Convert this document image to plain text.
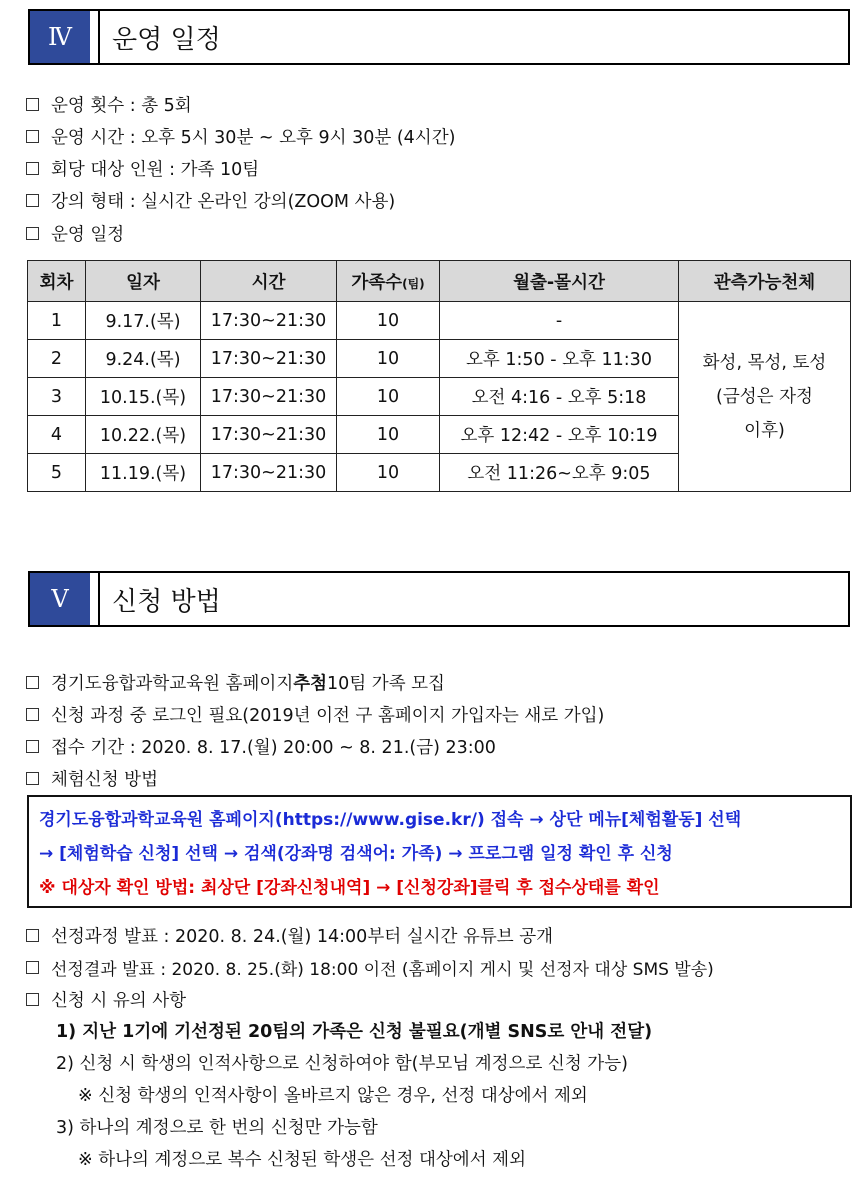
Ⅳ	운영 일정
운영 횟수 : 총 5회
운영 시간 : 오후 5시 30분 ~ 오후 9시 30분 (4시간)
회당 대상 인원 : 가족 10팀
강의 형태 : 실시간 온라인 강의(ZOOM 사용)
운영 일정
회차	일자	시간	가족수(팀)	월출-몰시간	관측가능천체
1	9.17.(목)	17:30~21:30	10	-	화성, 목성, 토성
(금성은 자정
이후)

2	9.24.(목)	17:30~21:30	10	오후 1:50 - 오후 11:30	
3	10.15.(목)	17:30~21:30	10	오전 4:16 - 오후 5:18	
4	10.22.(목)	17:30~21:30	10	오후 12:42 - 오후 10:19	
5	11.19.(목)	17:30~21:30	10	오전 11:26~오후 9:05	
V	신청 방법
경기도융합과학교육원 홈페이지 추첨 10팀 가족 모집
신청 과정 중 로그인 필요(2019년 이전 구 홈페이지 가입자는 새로 가입)
접수 기간 : 2020. 8. 17.(월) 20:00 ~ 8. 21.(금) 23:00
체험신청 방법
경기도융합과학교육원 홈페이지(https://www.gise.kr/) 접속 → 상단 메뉴[체험활동] 선택
→ [체험학습 신청] 선택 → 검색(강좌명 검색어: 가족) → 프로그램 일정 확인 후 신청
※ 대상자 확인 방법: 최상단 [강좌신청내역] → [신청강좌]클릭 후 접수상태를 확인
선정과정 발표 : 2020. 8. 24.(월) 14:00부터 실시간 유튜브 공개
선정결과 발표 : 2020. 8. 25.(화) 18:00 이전 (홈페이지 게시 및 선정자 대상 SMS 발송)
신청 시 유의 사항
1) 지난 1기에 기선정된 20팀의 가족은 신청 불필요(개별 SNS로 안내 전달)
2) 신청 시 학생의 인적사항으로 신청하여야 함(부모님 계정으로 신청 가능)
※ 신청 학생의 인적사항이 올바르지 않은 경우, 선정 대상에서 제외
3) 하나의 계정으로 한 번의 신청만 가능함
※ 하나의 계정으로 복수 신청된 학생은 선정 대상에서 제외
